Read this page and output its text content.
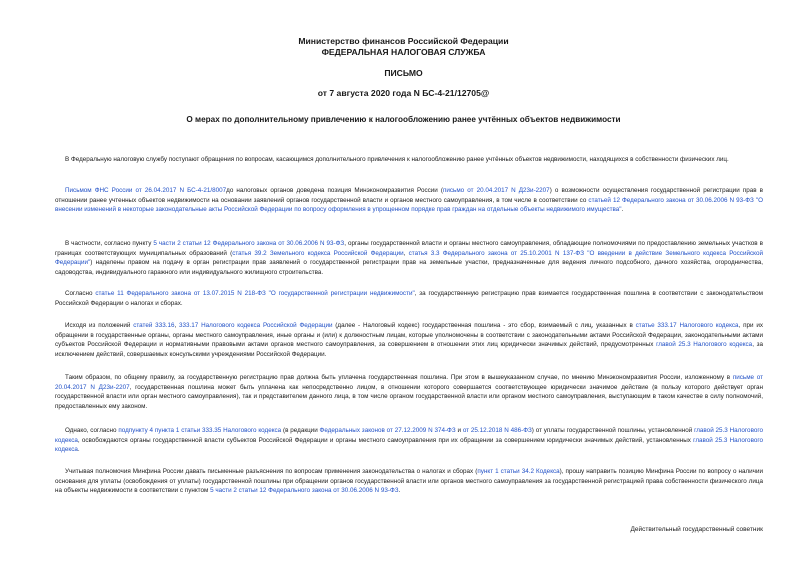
Министерство финансов Российской Федерации
ФЕДЕРАЛЬНАЯ НАЛОГОВАЯ СЛУЖБА
ПИСЬМО
от 7 августа 2020 года N БС-4-21/12705@
О мерах по дополнительному привлечению к налогообложению ранее учтённых объектов недвижимости

В Федеральную налоговую службу поступают обращения по вопросам, касающимся дополнительного привлечения к налогообложению ранее учтённых объектов недвижимости, находящихся в собственности физических лиц.

Письмом ФНС России от 26.04.2017 N БС-4-21/8007до налоговых органов доведена позиция Минэкономразвития России (письмо от 20.04.2017 N Д23и-2207) о возможности осуществления государственной регистрации прав в отношении ранее учтенных объектов недвижимости на основании заявлений органов государственной власти и органов местного самоуправления, в том числе в соответствии со статьей 12 Федерального закона от 30.06.2006 N 93-ФЗ "О внесении изменений в некоторые законодательные акты Российской Федерации по вопросу оформления в упрощенном порядке прав граждан на отдельные объекты недвижимого имущества".

В частности, согласно пункту 5 части 2 статьи 12 Федерального закона от 30.06.2006 N 93-ФЗ, органы государственной власти и органы местного самоуправления, обладающие полномочиями по предоставлению земельных участков в границах соответствующих муниципальных образований (статья 39.2 Земельного кодекса Российской Федерации, статья 3.3 Федерального закона от 25.10.2001 N 137-ФЗ "О введении в действие Земельного кодекса Российской Федерации") наделены правом на подачу в орган регистрации прав заявлений о государственной регистрации прав на земельные участки, предназначенные для ведения личного подсобного, дачного хозяйства, огородничества, садоводства, индивидуального гаражного или индивидуального жилищного строительства.

Согласно статье 11 Федерального закона от 13.07.2015 N 218-ФЗ "О государственной регистрации недвижимости", за государственную регистрацию прав взимается государственная пошлина в соответствии с законодательством Российской Федерации о налогах и сборах.

Исходя из положений статей 333.16, 333.17 Налогового кодекса Российской Федерации (далее - Налоговый кодекс) государственная пошлина - это сбор, взимаемый с лиц, указанных в статье 333.17 Налогового кодекса, при их обращении в государственные органы, органы местного самоуправления, иные органы и (или) к должностным лицам, которые уполномочены в соответствии с законодательными актами Российской Федерации, законодательными актами субъектов Российской Федерации и нормативными правовыми актами органов местного самоуправления, за совершением в отношении этих лиц юридически значимых действий, предусмотренных главой 25.3 Налогового кодекса, за исключением действий, совершаемых консульскими учреждениями Российской Федерации.

Таким образом, по общему правилу, за государственную регистрацию прав должна быть уплачена государственная пошлина. При этом в вышеуказанном случае, по мнению Минэкономразвития России, изложенному в письме от 20.04.2017 N Д23и-2207, государственная пошлина может быть уплачена как непосредственно лицом, в отношении которого совершается соответствующее юридически значимое действие (в пользу которого действует орган государственной власти или орган местного самоуправления), так и представителем данного лица, в том числе органом государственной власти или органом местного самоуправления, выступающим в таком качестве в силу полномочий, предоставленных ему законом.

Однако, согласно подпункту 4 пункта 1 статьи 333.35 Налогового кодекса (в редакции Федеральных законов от 27.12.2009 N 374-ФЗ и от 25.12.2018 N 486-ФЗ) от уплаты государственной пошлины, установленной главой 25.3 Налогового кодекса, освобождаются органы государственной власти субъектов Российской Федерации и органы местного самоуправления при их обращении за совершением юридически значимых действий, установленных главой 25.3 Налогового кодекса.

Учитывая полномочия Минфина России давать письменные разъяснения по вопросам применения законодательства о налогах и сборах (пункт 1 статьи 34.2 Кодекса), прошу направить позицию Минфина России по вопросу о наличии основания для уплаты (освобождения от уплаты) государственной пошлины при обращении органов государственной власти или органов местного самоуправления за государственной регистрацией права собственности физического лица на объекты недвижимости в соответствии с пунктом 5 части 2 статьи 12 Федерального закона от 30.06.2006 N 93-ФЗ.

Действительный государственный советник
